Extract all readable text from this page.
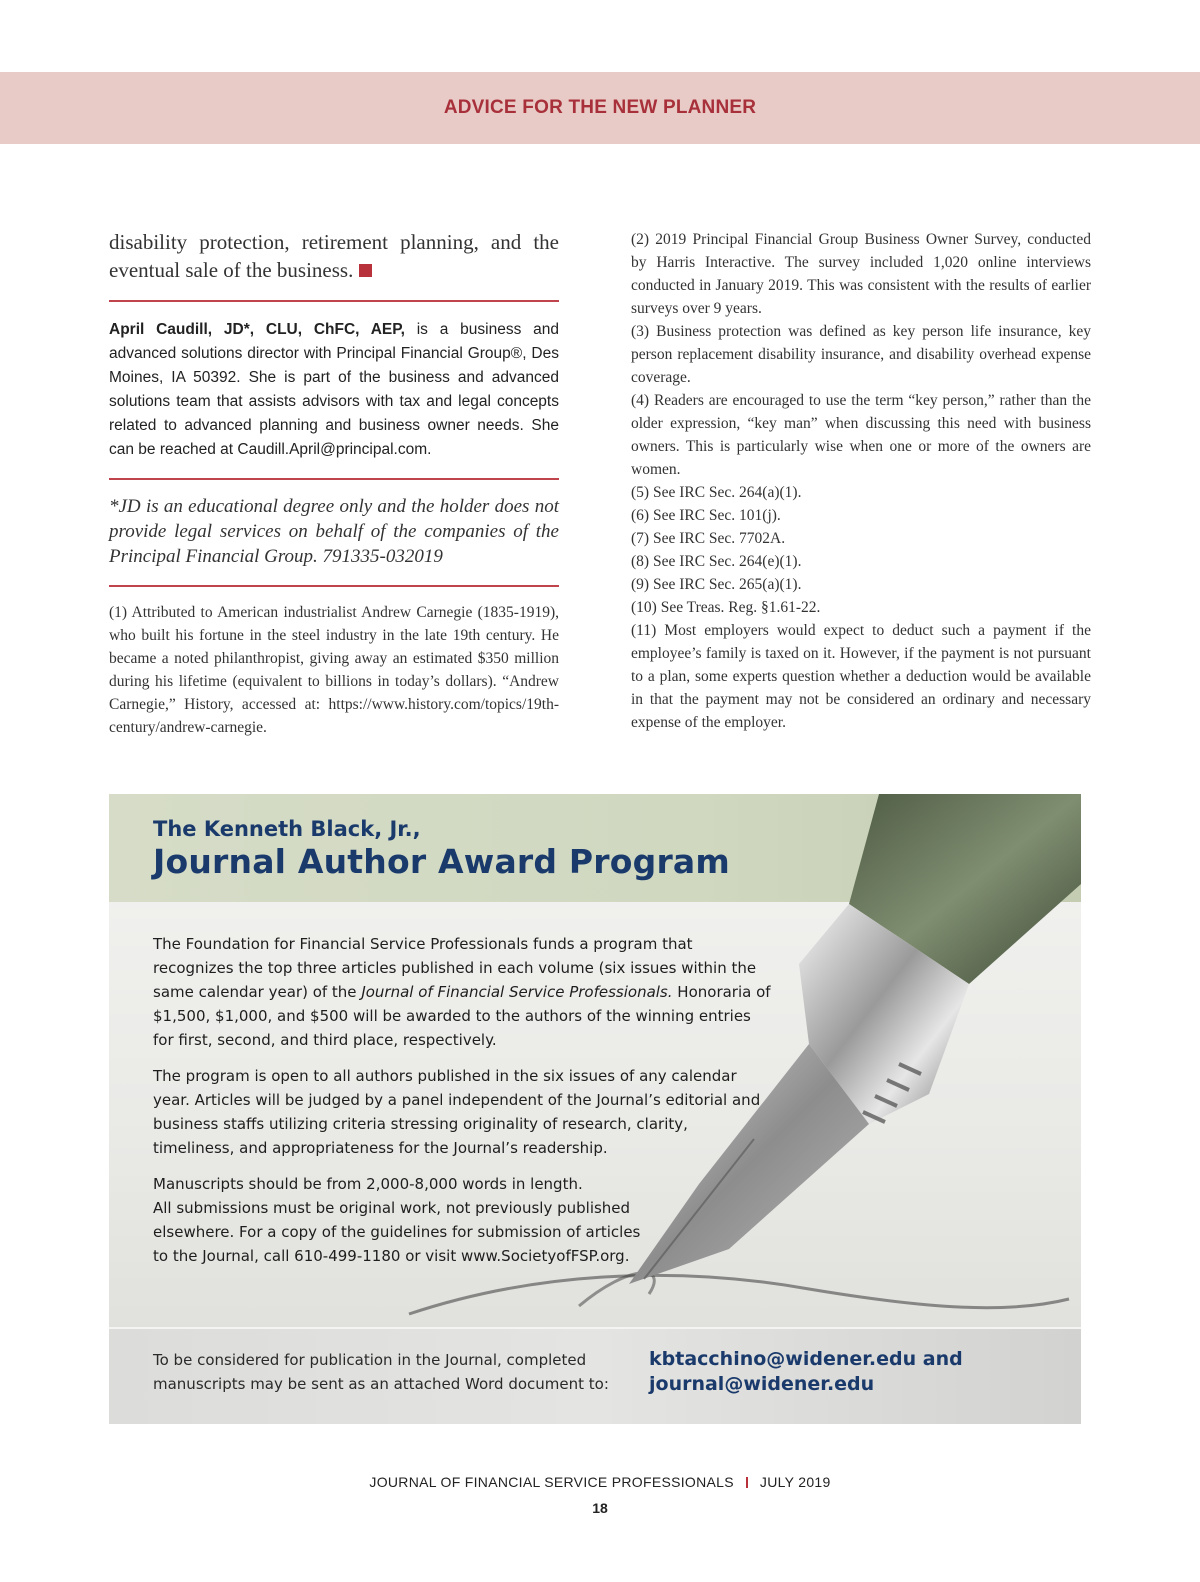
ADVICE FOR THE NEW PLANNER

disability protection, retirement planning, and the eventual sale of the business.

April Caudill, JD*, CLU, ChFC, AEP, is a business and advanced solutions director with Principal Financial Group®, Des Moines, IA 50392. She is part of the business and advanced solutions team that assists advisors with tax and legal concepts related to advanced planning and business owner needs. She can be reached at Caudill.April@principal.com.

*JD is an educational degree only and the holder does not provide legal services on behalf of the companies of the Principal Financial Group. 791335-032019

(1) Attributed to American industrialist Andrew Carnegie (1835-1919), who built his fortune in the steel industry in the late 19th century. He became a noted philanthropist, giving away an estimated $350 million during his lifetime (equivalent to billions in today’s dollars). “Andrew Carnegie,” History, accessed at: https://www.history.com/topics/19th-century/andrew-carnegie.

(2) 2019 Principal Financial Group Business Owner Survey, conducted by Harris Interactive. The survey included 1,020 online interviews conducted in January 2019. This was consistent with the results of earlier surveys over 9 years.

(3) Business protection was defined as key person life insurance, key person replacement disability insurance, and disability overhead expense coverage.

(4) Readers are encouraged to use the term “key person,” rather than the older expression, “key man” when discussing this need with business owners. This is particularly wise when one or more of the owners are women.

(5) See IRC Sec. 264(a)(1).

(6) See IRC Sec. 101(j).

(7) See IRC Sec. 7702A.

(8) See IRC Sec. 264(e)(1).

(9) See IRC Sec. 265(a)(1).

(10) See Treas. Reg. §1.61-22.

(11) Most employers would expect to deduct such a payment if the employee’s family is taxed on it. However, if the payment is not pursuant to a plan, some experts question whether a deduction would be available in that the payment may not be considered an ordinary and necessary expense of the employer.

The Kenneth Black, Jr.,
Journal Author Award Program

The Foundation for Financial Service Professionals funds a program that recognizes the top three articles published in each volume (six issues within the same calendar year) of the Journal of Financial Service Professionals. Honoraria of $1,500, $1,000, and $500 will be awarded to the authors of the winning entries for first, second, and third place, respectively.

The program is open to all authors published in the six issues of any calendar year. Articles will be judged by a panel independent of the Journal’s editorial and business staffs utilizing criteria stressing originality of research, clarity, timeliness, and appropriateness for the Journal’s readership.

Manuscripts should be from 2,000-8,000 words in length.
All submissions must be original work, not previously published elsewhere. For a copy of the guidelines for submission of articles to the Journal, call 610-499-1180 or visit www.SocietyofFSP.org.

To be considered for publication in the Journal, completed manuscripts may be sent as an attached Word document to:
kbtacchino@widener.edu and
journal@widener.edu
JOURNAL OF FINANCIAL SERVICE PROFESSIONALS JULY 2019
18
